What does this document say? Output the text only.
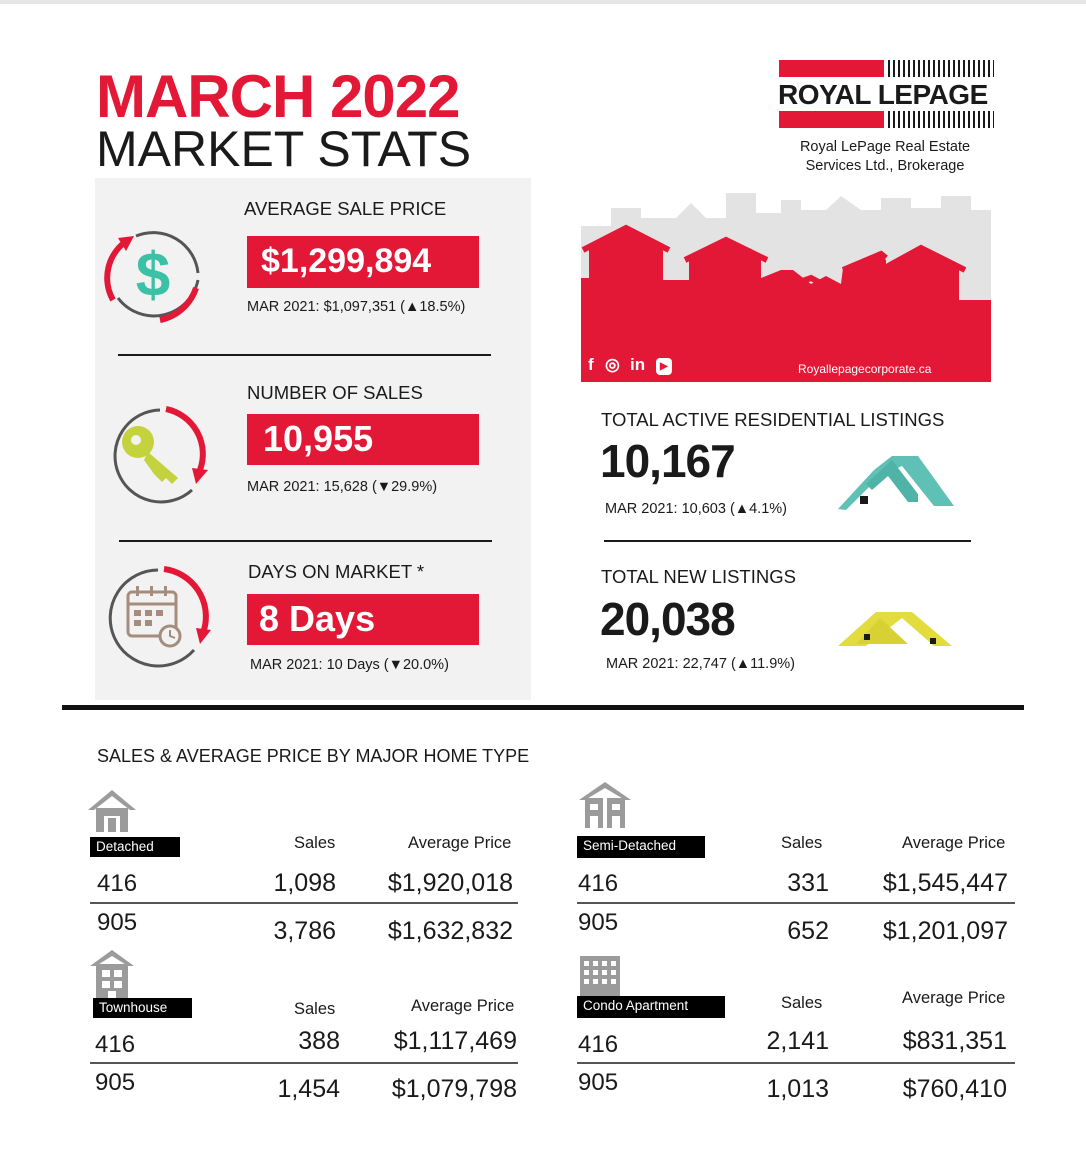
MARCH 2022
MARKET STATS
ROYAL LEPAGE
Royal LePage Real Estate
Services Ltd., Brokerage
$
AVERAGE SALE PRICE
$1,299,894
MAR 2021: $1,097,351 (▲18.5%)
NUMBER OF SALES
10,955
MAR 2021: 15,628 (▼29.9%)
DAYS ON MARKET *
8 Days
MAR 2021: 10 Days (▼20.0%)
f ◎ in	▶	Royallepagecorporate.ca
TOTAL ACTIVE RESIDENTIAL LISTINGS
10,167
MAR 2021: 10,603 (▲4.1%)
TOTAL NEW LISTINGS
20,038
MAR 2021: 22,747 (▲11.9%)
SALES & AVERAGE PRICE BY MAJOR HOME TYPE
Detached	Sales	Average Price
416	1,098	$1,920,018
905	3,786	$1,632,832
Semi-Detached	Sales	Average Price
416	331	$1,545,447
905	652	$1,201,097
Townhouse	Sales	Average Price
416	388	$1,117,469
905	1,454	$1,079,798
Condo Apartment	Sales	Average Price
416	2,141	$831,351
905	1,013	$760,410
